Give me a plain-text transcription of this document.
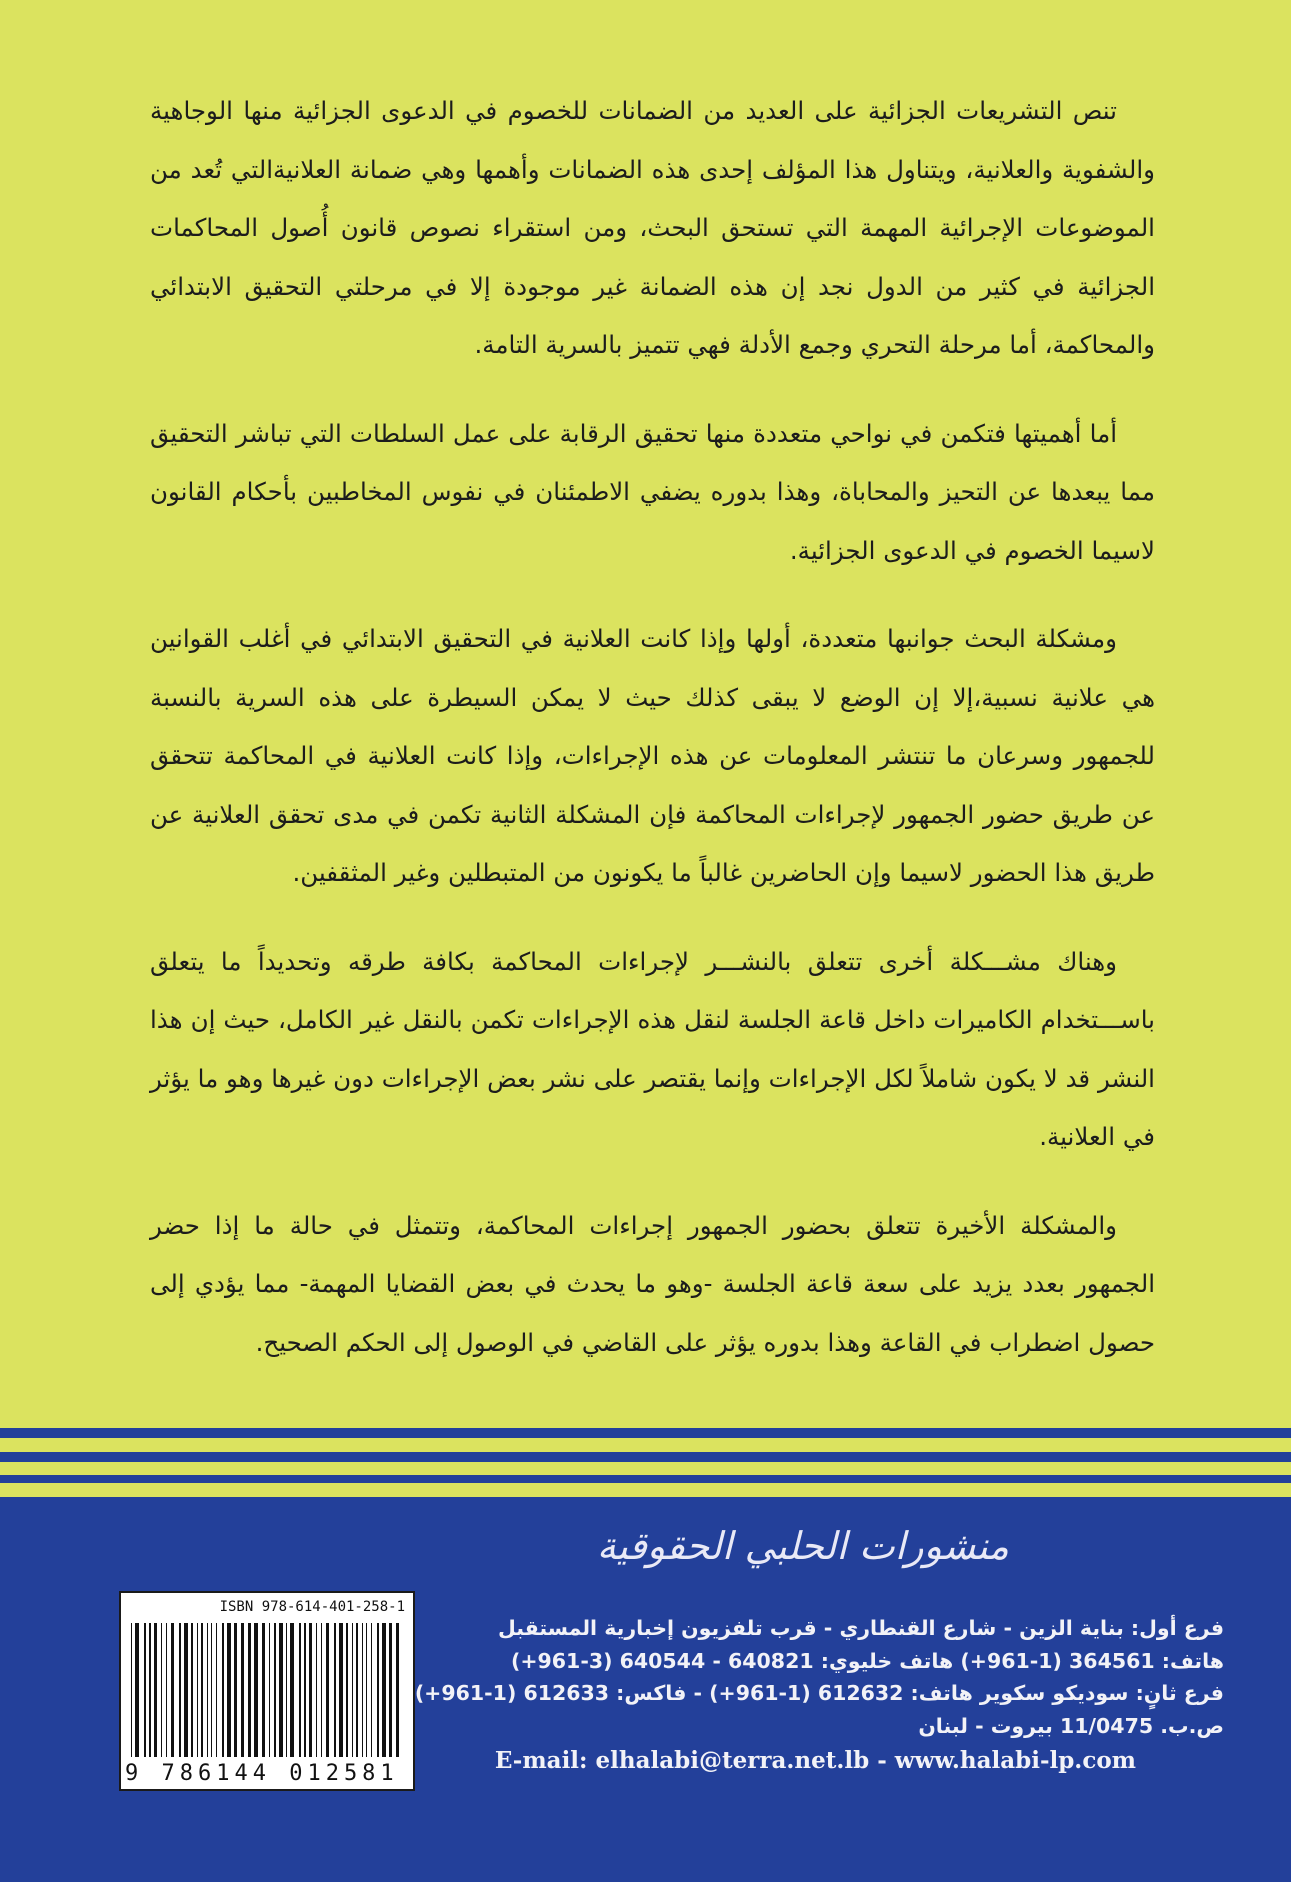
تنص التشريعات الجزائية على العديد من الضمانات للخصوم في الدعوى الجزائية منها الوجاهية والشفوية والعلانية، ويتناول هذا المؤلف إحدى هذه الضمانات وأهمها وهي ضمانة العلانيةالتي تُعد من الموضوعات الإجرائية المهمة التي تستحق البحث، ومن استقراء نصوص قانون أُصول المحاكمات الجزائية في كثير من الدول نجد إن هذه الضمانة غير موجودة إلا في مرحلتي التحقيق الابتدائي والمحاكمة، أما مرحلة التحري وجمع الأدلة فهي تتميز بالسرية التامة.

أما أهميتها فتكمن في نواحي متعددة منها تحقيق الرقابة على عمل السلطات التي تباشر التحقيق مما يبعدها عن التحيز والمحاباة، وهذا بدوره يضفي الاطمئنان في نفوس المخاطبين بأحكام القانون لاسيما الخصوم في الدعوى الجزائية.

ومشكلة البحث جوانبها متعددة، أولها وإذا كانت العلانية في التحقيق الابتدائي في أغلب القوانين هي علانية نسبية،إلا إن الوضع لا يبقى كذلك حيث لا يمكن السيطرة على هذه السرية بالنسبة للجمهور وسرعان ما تنتشر المعلومات عن هذه الإجراءات، وإذا كانت العلانية في المحاكمة تتحقق عن طريق حضور الجمهور لإجراءات المحاكمة فإن المشكلة الثانية تكمن في مدى تحقق العلانية عن طريق هذا الحضور لاسيما وإن الحاضرين غالباً ما يكونون من المتبطلين وغير المثقفين.

وهناك مشـــكلة أخرى تتعلق بالنشـــر لإجراءات المحاكمة بكافة طرقه وتحديداً ما يتعلق باســـتخدام الكاميرات داخل قاعة الجلسة لنقل هذه الإجراءات تكمن بالنقل غير الكامل، حيث إن هذا النشر قد لا يكون شاملاً لكل الإجراءات وإنما يقتصر على نشر بعض الإجراءات دون غيرها وهو ما يؤثر في العلانية.

والمشكلة الأخيرة تتعلق بحضور الجمهور إجراءات المحاكمة، وتتمثل في حالة ما إذا حضر الجمهور بعدد يزيد على سعة قاعة الجلسة -وهو ما يحدث في بعض القضايا المهمة- مما يؤدي إلى حصول اضطراب في القاعة وهذا بدوره يؤثر على القاضي في الوصول إلى الحكم الصحيح.

منشورات الحلبي الحقوقية
فرع أول: بناية الزين - شارع القنطاري - قرب تلفزيون إخبارية المستقبل
هاتف: 364561 (1-961+) هاتف خليوي: 640821 - 640544 (3-961+)
فرع ثانٍ: سوديكو سكوير هاتف: 612632 (1-961+) - فاكس: 612633 (1-961+)
ص.ب. 11/0475 بيروت - لبنان
E-mail: elhalabi@terra.net.lb - www.halabi-lp.com
ISBN 978-614-401-258-1
9 786144 012581
